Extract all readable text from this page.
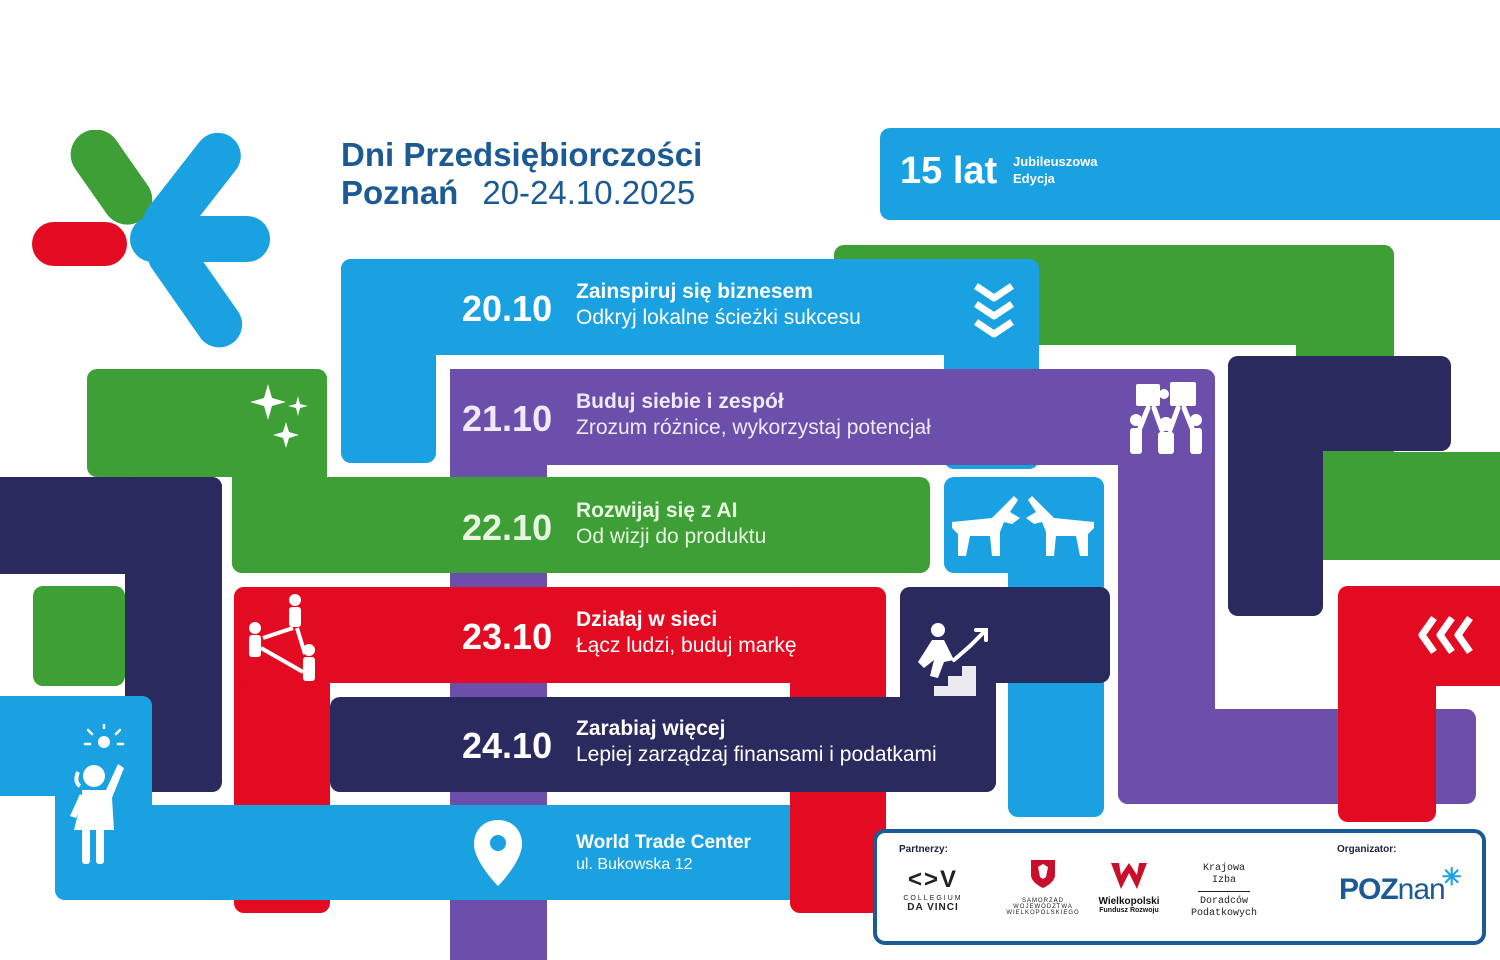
Dni Przedsiębiorczości
Poznań 20-24.10.2025
15 lat Jubileuszowa
Edycja
20.10 Zainspiruj się biznesem
Odkryj lokalne ścieżki sukcesu
21.10 Buduj siebie i zespół
Zrozum różnice, wykorzystaj potencjał
22.10 Rozwijaj się z AI
Od wizji do produktu
23.10 Działaj w sieci
Łącz ludzi, buduj markę
24.10 Zarabiaj więcej
Lepiej zarządzaj finansami i podatkami
World Trade Center
ul. Bukowska 12
Partnerzy:	Organizator:
<>V
COLLEGIUM
DA VINCI
SAMORZĄD
WOJEWÓDZTWA
WIELKOPOLSKIEGO
Wielkopolski
Fundusz Rozwoju
Krajowa
Izba
Doradców
Podatkowych
POZnan
✳
